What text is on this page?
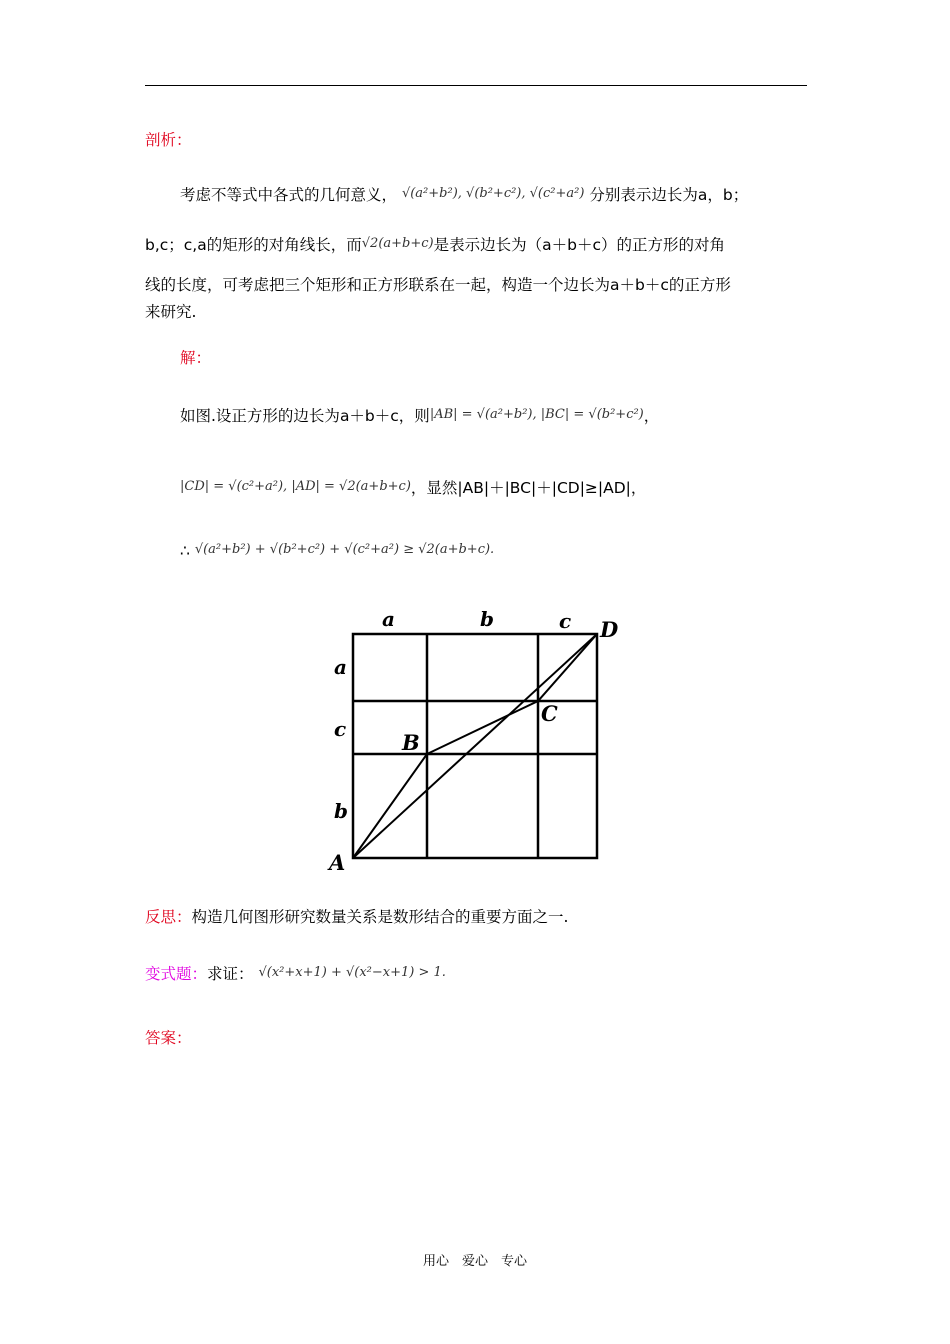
剖析：
考虑不等式中各式的几何意义， √(a²+b²), √(b²+c²), √(c²+a²) 分别表示边长为a，b；
b,c；c,a的矩形的对角线长，而√2(a+b+c)是表示边长为（a＋b＋c）的正方形的对角
线的长度，可考虑把三个矩形和正方形联系在一起，构造一个边长为a＋b＋c的正方形
来研究.
解：
如图.设正方形的边长为a＋b＋c，则|AB| = √(a²+b²), |BC| = √(b²+c²)，
|CD| = √(c²+a²), |AD| = √2(a+b+c)，显然|AB|＋|BC|＋|CD|≥|AD|，
∴ √(a²+b²) + √(b²+c²) + √(c²+a²) ≥ √2(a+b+c).
a	b	c
a
c
b
A
B
C
D
反思：构造几何图形研究数量关系是数形结合的重要方面之一.
变式题：求证： √(x²+x+1) + √(x²−x+1) > 1.
答案：
用心　爱心　专心
